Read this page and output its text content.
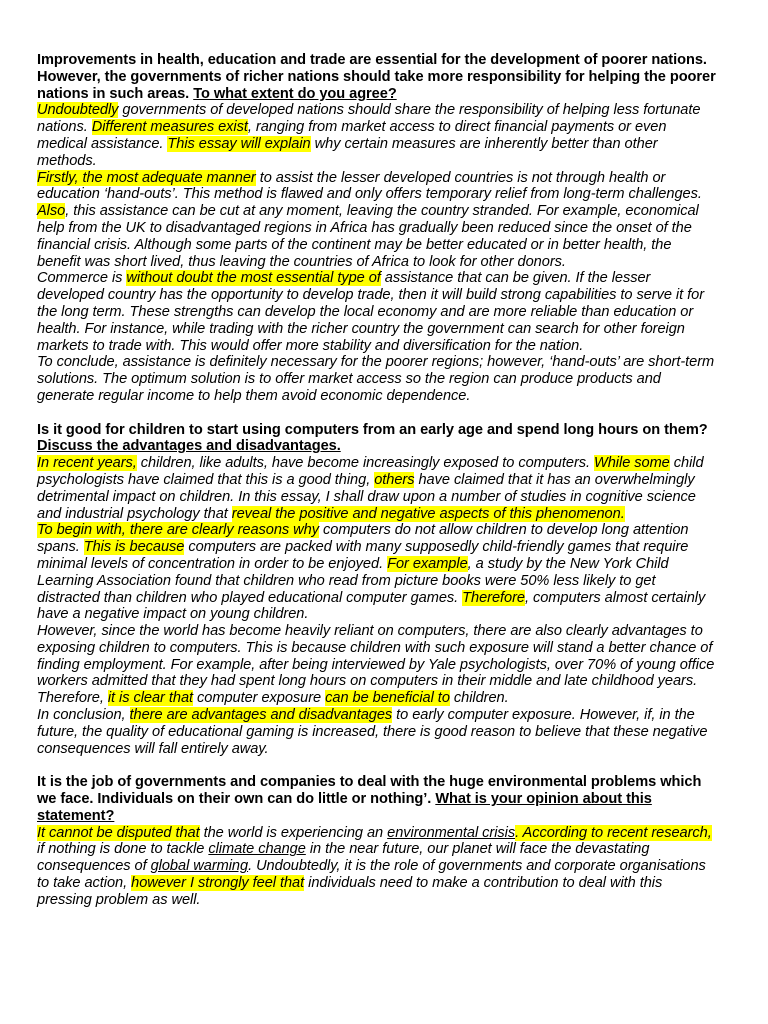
Improvements in health, education and trade are essential for the development of poorer nations. However, the governments of richer nations should take more responsibility for helping the poorer nations in such areas. To what extent do you agree?

Undoubtedly governments of developed nations should share the responsibility of helping less fortunate nations. Different measures exist, ranging from market access to direct financial payments or even medical assistance. This essay will explain why certain measures are inherently better than other methods.

Firstly, the most adequate manner to assist the lesser developed countries is not through health or education ‘hand-outs’. This method is flawed and only offers temporary relief from long-term challenges. Also, this assistance can be cut at any moment, leaving the country stranded. For example, economical help from the UK to disadvantaged regions in Africa has gradually been reduced since the onset of the financial crisis. Although some parts of the continent may be better educated or in better health, the benefit was short lived, thus leaving the countries of Africa to look for other donors.

Commerce is without doubt the most essential type of assistance that can be given. If the lesser developed country has the opportunity to develop trade, then it will build strong capabilities to serve it for the long term. These strengths can develop the local economy and are more reliable than education or health. For instance, while trading with the richer country the government can search for other foreign markets to trade with. This would offer more stability and diversification for the nation.

To conclude, assistance is definitely necessary for the poorer regions; however, ‘hand-outs’ are short-term solutions. The optimum solution is to offer market access so the region can produce products and generate regular income to help them avoid economic dependence.

Is it good for children to start using computers from an early age and spend long hours on them? Discuss the advantages and disadvantages.

In recent years, children, like adults, have become increasingly exposed to computers. While some child psychologists have claimed that this is a good thing, others have claimed that it has an overwhelmingly detrimental impact on children. In this essay, I shall draw upon a number of studies in cognitive science and industrial psychology that reveal the positive and negative aspects of this phenomenon.

To begin with, there are clearly reasons why computers do not allow children to develop long attention spans. This is because computers are packed with many supposedly child-friendly games that require minimal levels of concentration in order to be enjoyed. For example, a study by the New York Child Learning Association found that children who read from picture books were 50% less likely to get distracted than children who played educational computer games. Therefore, computers almost certainly have a negative impact on young children.

However, since the world has become heavily reliant on computers, there are also clearly advantages to exposing children to computers. This is because children with such exposure will stand a better chance of finding employment. For example, after being interviewed by Yale psychologists, over 70% of young office workers admitted that they had spent long hours on computers in their middle and late childhood years. Therefore, it is clear that computer exposure can be beneficial to children.

In conclusion, there are advantages and disadvantages to early computer exposure. However, if, in the future, the quality of educational gaming is increased, there is good reason to believe that these negative consequences will fall entirely away.

It is the job of governments and companies to deal with the huge environmental problems which we face. Individuals on their own can do little or nothing’. What is your opinion about this statement?

It cannot be disputed that the world is experiencing an environmental crisis. According to recent research, if nothing is done to tackle climate change in the near future, our planet will face the devastating consequences of global warming. Undoubtedly, it is the role of governments and corporate organisations to take action, however I strongly feel that individuals need to make a contribution to deal with this pressing problem as well.
